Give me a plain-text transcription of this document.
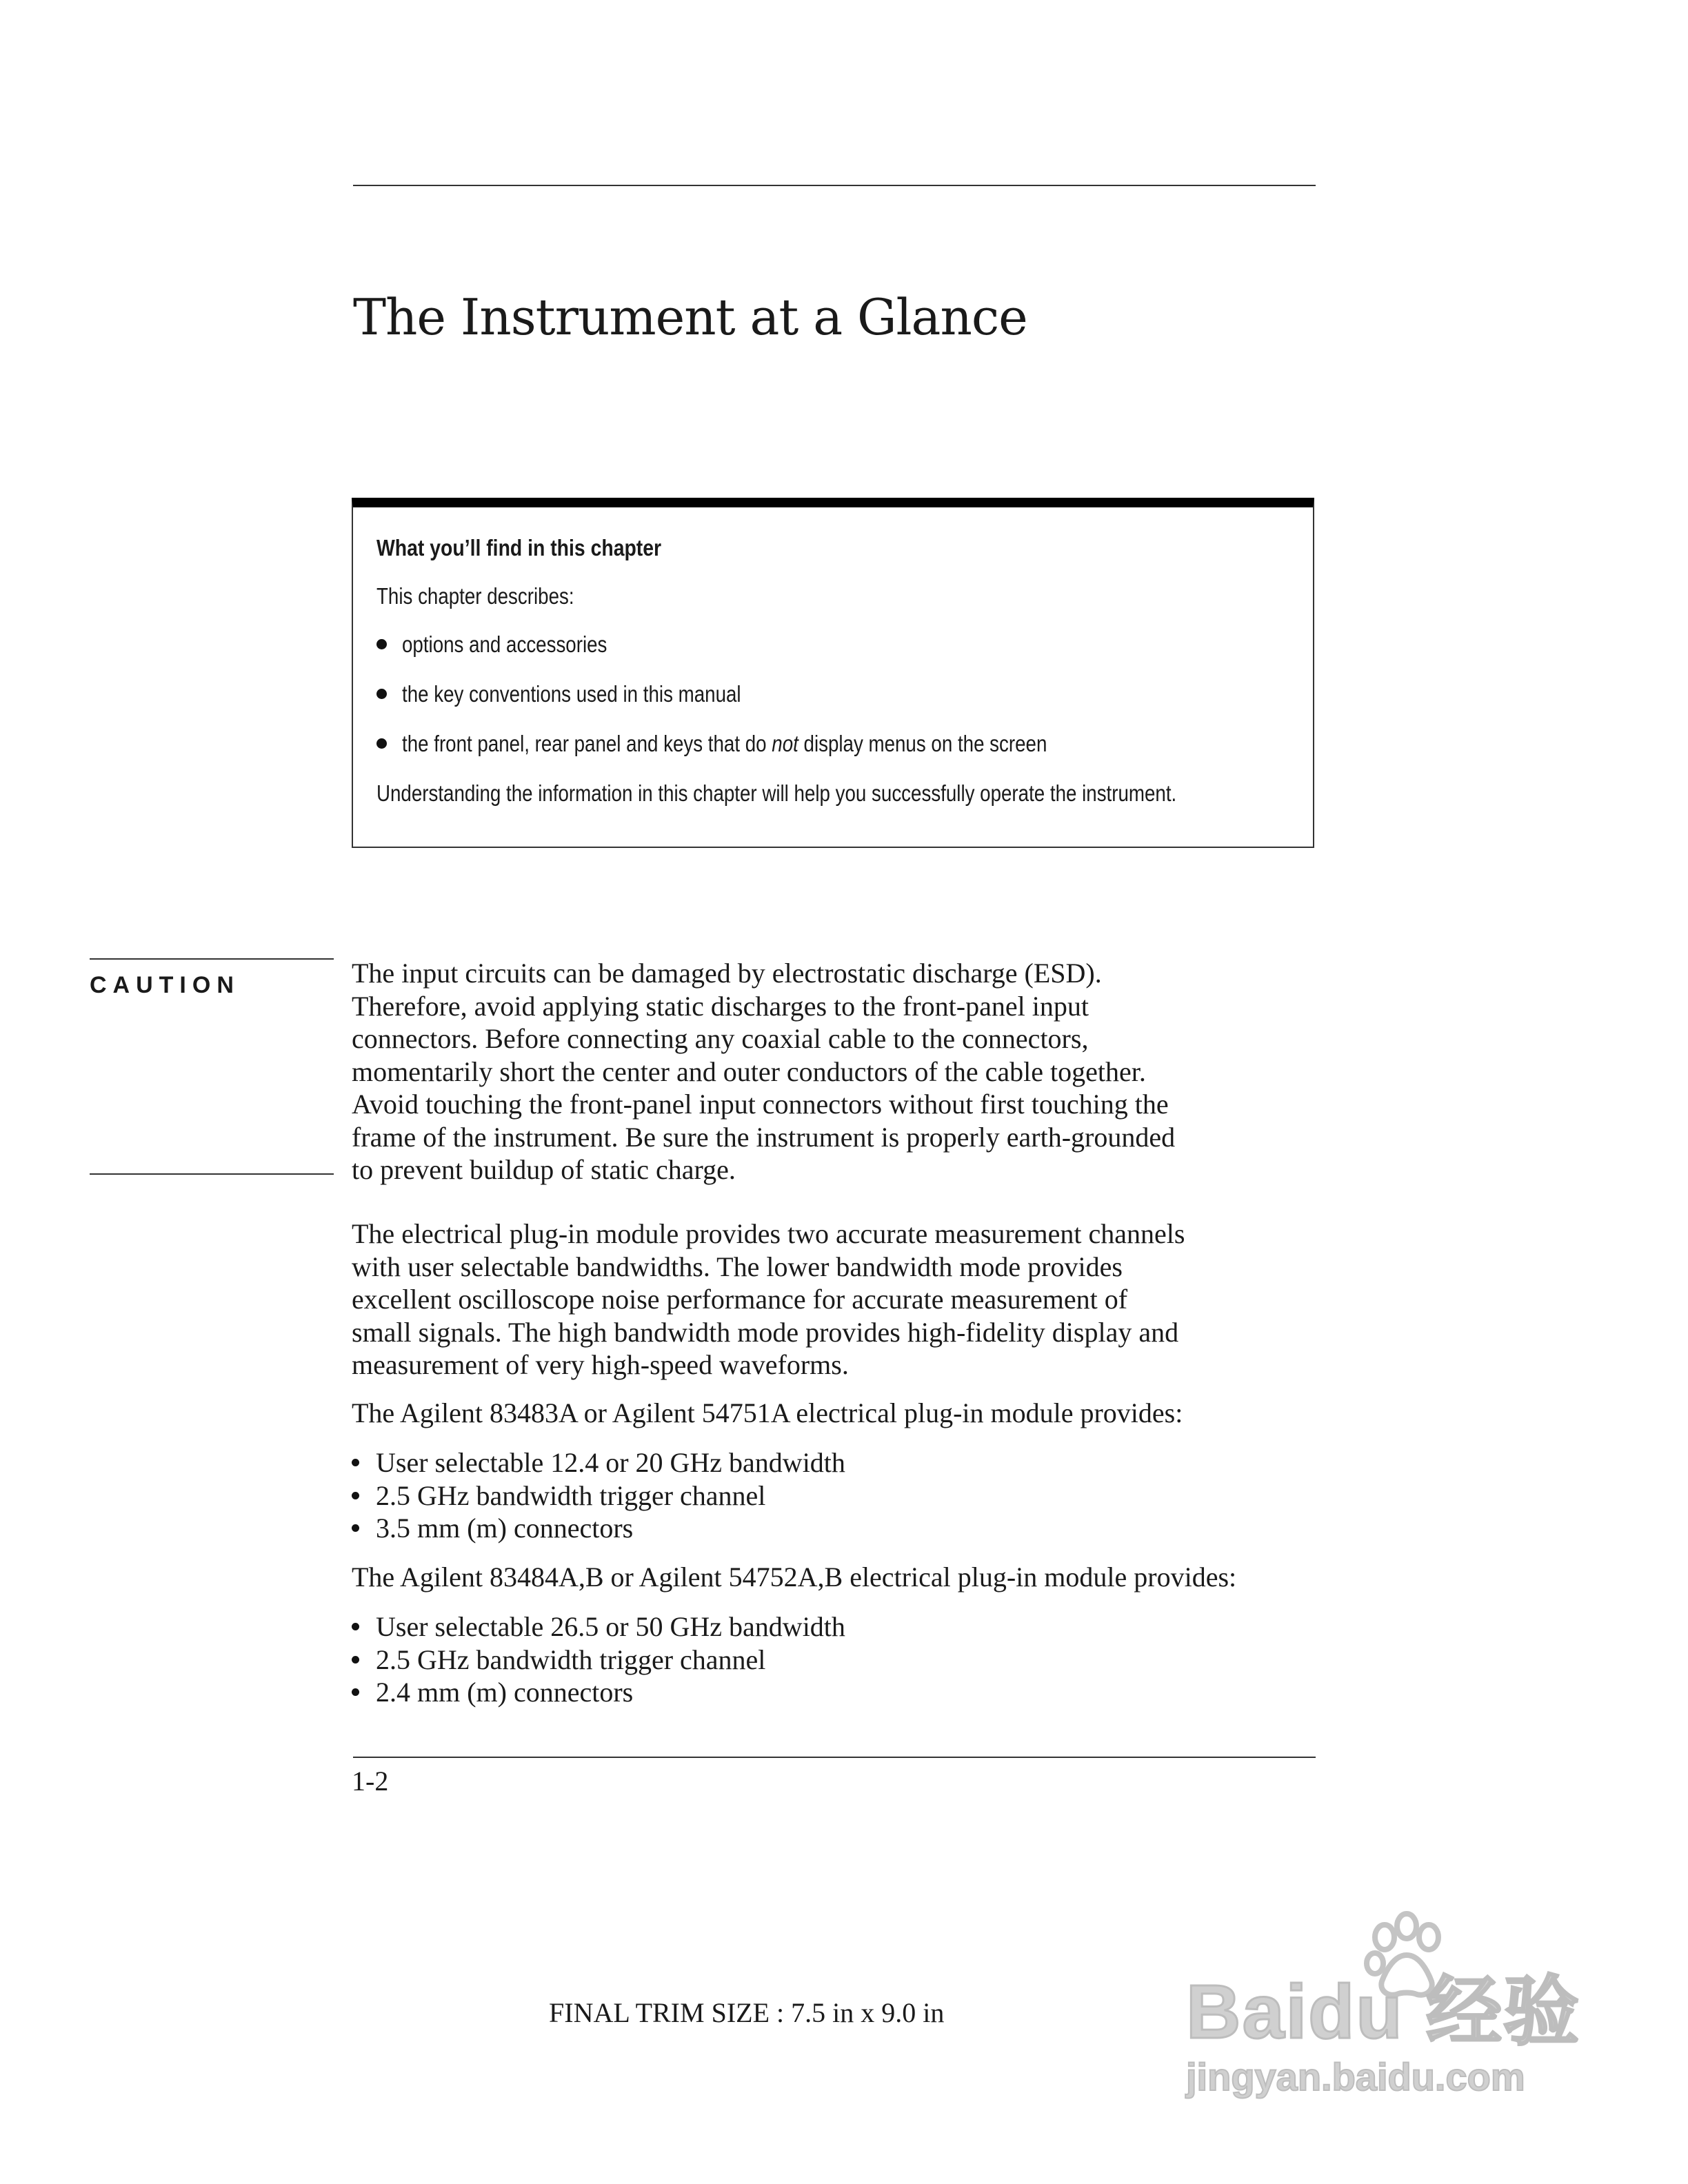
The Instrument at a Glance
What you’ll find in this chapter
This chapter describes:
options and accessories
the key conventions used in this manual
the front panel, rear panel and keys that do not display menus on the screen
Understanding the information in this chapter will help you successfully operate the instrument.
CAUTION	The input circuits can be damaged by electrostatic discharge (ESD).
Therefore, avoid applying static discharges to the front-panel input
connectors. Before connecting any coaxial cable to the connectors,
momentarily short the center and outer conductors of the cable together.
Avoid touching the front-panel input connectors without first touching the
frame of the instrument. Be sure the instrument is properly earth-grounded
to prevent buildup of static charge.
The electrical plug-in module provides two accurate measurement channels
with user selectable bandwidths. The lower bandwidth mode provides
excellent oscilloscope noise performance for accurate measurement of
small signals. The high bandwidth mode provides high-fidelity display and
measurement of very high-speed waveforms.
The Agilent 83483A or Agilent 54751A electrical plug-in module provides:
User selectable 12.4 or 20 GHz bandwidth
2.5 GHz bandwidth trigger channel
3.5 mm (m) connectors
The Agilent 83484A,B or Agilent 54752A,B electrical plug-in module provides:
User selectable 26.5 or 50 GHz bandwidth
2.5 GHz bandwidth trigger channel
2.4 mm (m) connectors
1-2
FINAL TRIM SIZE : 7.5 in x 9.0 in	Baidu 经验
jingyan.baidu.com
